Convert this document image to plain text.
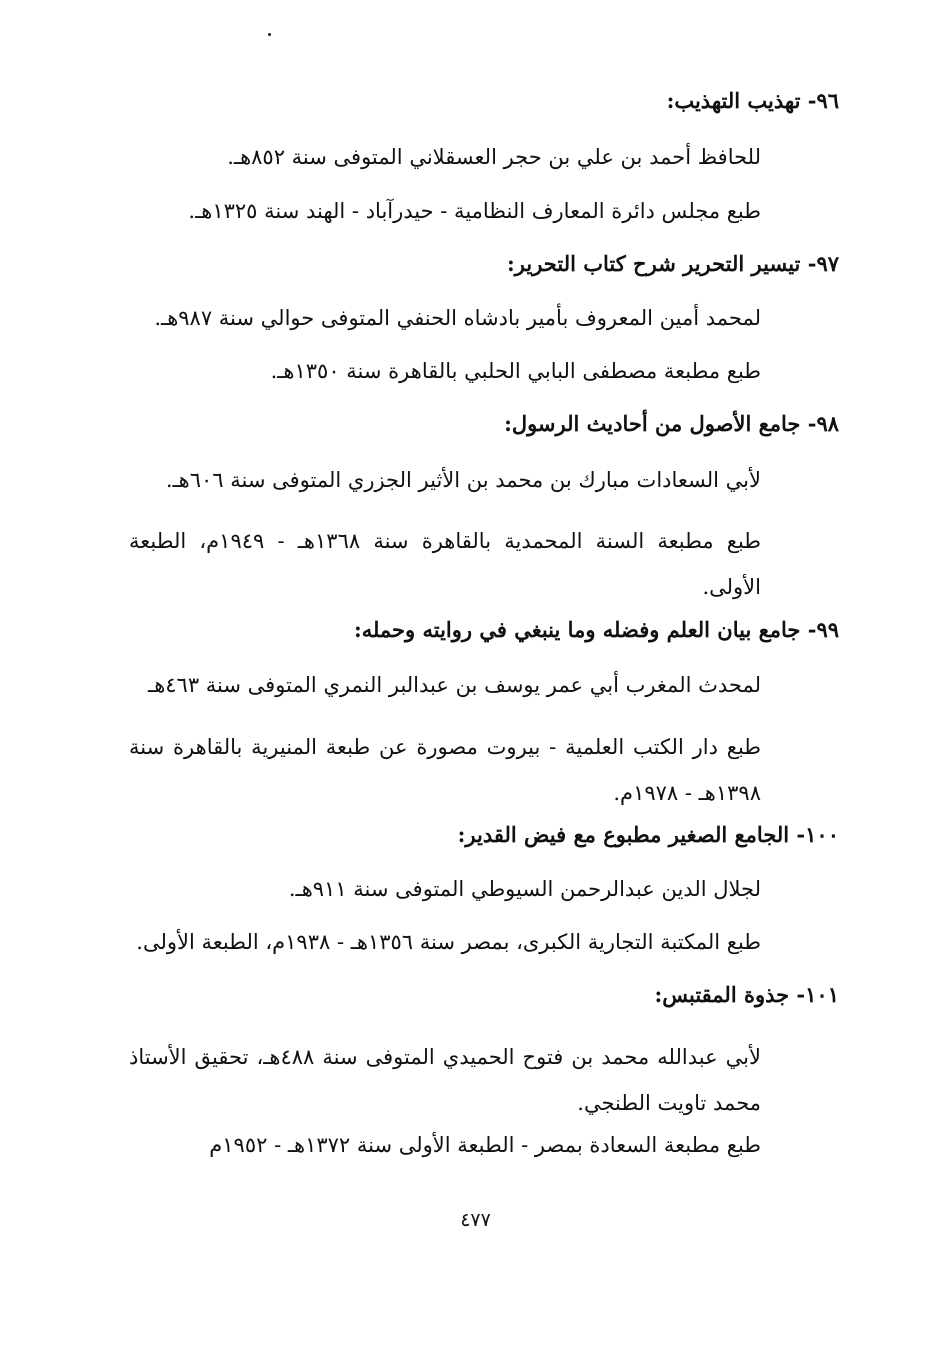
٩٦- تهذيب التهذيب:
للحافظ أحمد بن علي بن حجر العسقلاني المتوفى سنة ٨٥٢هـ.
طبع مجلس دائرة المعارف النظامية - حيدرآباد - الهند سنة ١٣٢٥هـ.
٩٧- تيسير التحرير شرح كتاب التحرير:
لمحمد أمين المعروف بأمير بادشاه الحنفي المتوفى حوالي سنة ٩٨٧هـ.
طبع مطبعة مصطفى البابي الحلبي بالقاهرة سنة ١٣٥٠هـ.
٩٨- جامع الأصول من أحاديث الرسول:
لأبي السعادات مبارك بن محمد بن الأثير الجزري المتوفى سنة ٦٠٦هـ.
طبع مطبعة السنة المحمدية بالقاهرة سنة ١٣٦٨هـ - ١٩٤٩م، الطبعة الأولى.
٩٩- جامع بيان العلم وفضله وما ينبغي في روايته وحمله:
لمحدث المغرب أبي عمر يوسف بن عبدالبر النمري المتوفى سنة ٤٦٣هـ
طبع دار الكتب العلمية - بيروت مصورة عن طبعة المنيرية بالقاهرة سنة ١٣٩٨هـ - ١٩٧٨م.
١٠٠- الجامع الصغير مطبوع مع فيض القدير:
لجلال الدين عبدالرحمن السيوطي المتوفى سنة ٩١١هـ.
طبع المكتبة التجارية الكبرى، بمصر سنة ١٣٥٦هـ - ١٩٣٨م، الطبعة الأولى.
١٠١- جذوة المقتبس:
لأبي عبدالله محمد بن فتوح الحميدي المتوفى سنة ٤٨٨هـ، تحقيق الأستاذ محمد تاويت الطنجي.
طبع مطبعة السعادة بمصر - الطبعة الأولى سنة ١٣٧٢هـ - ١٩٥٢م
٤٧٧
